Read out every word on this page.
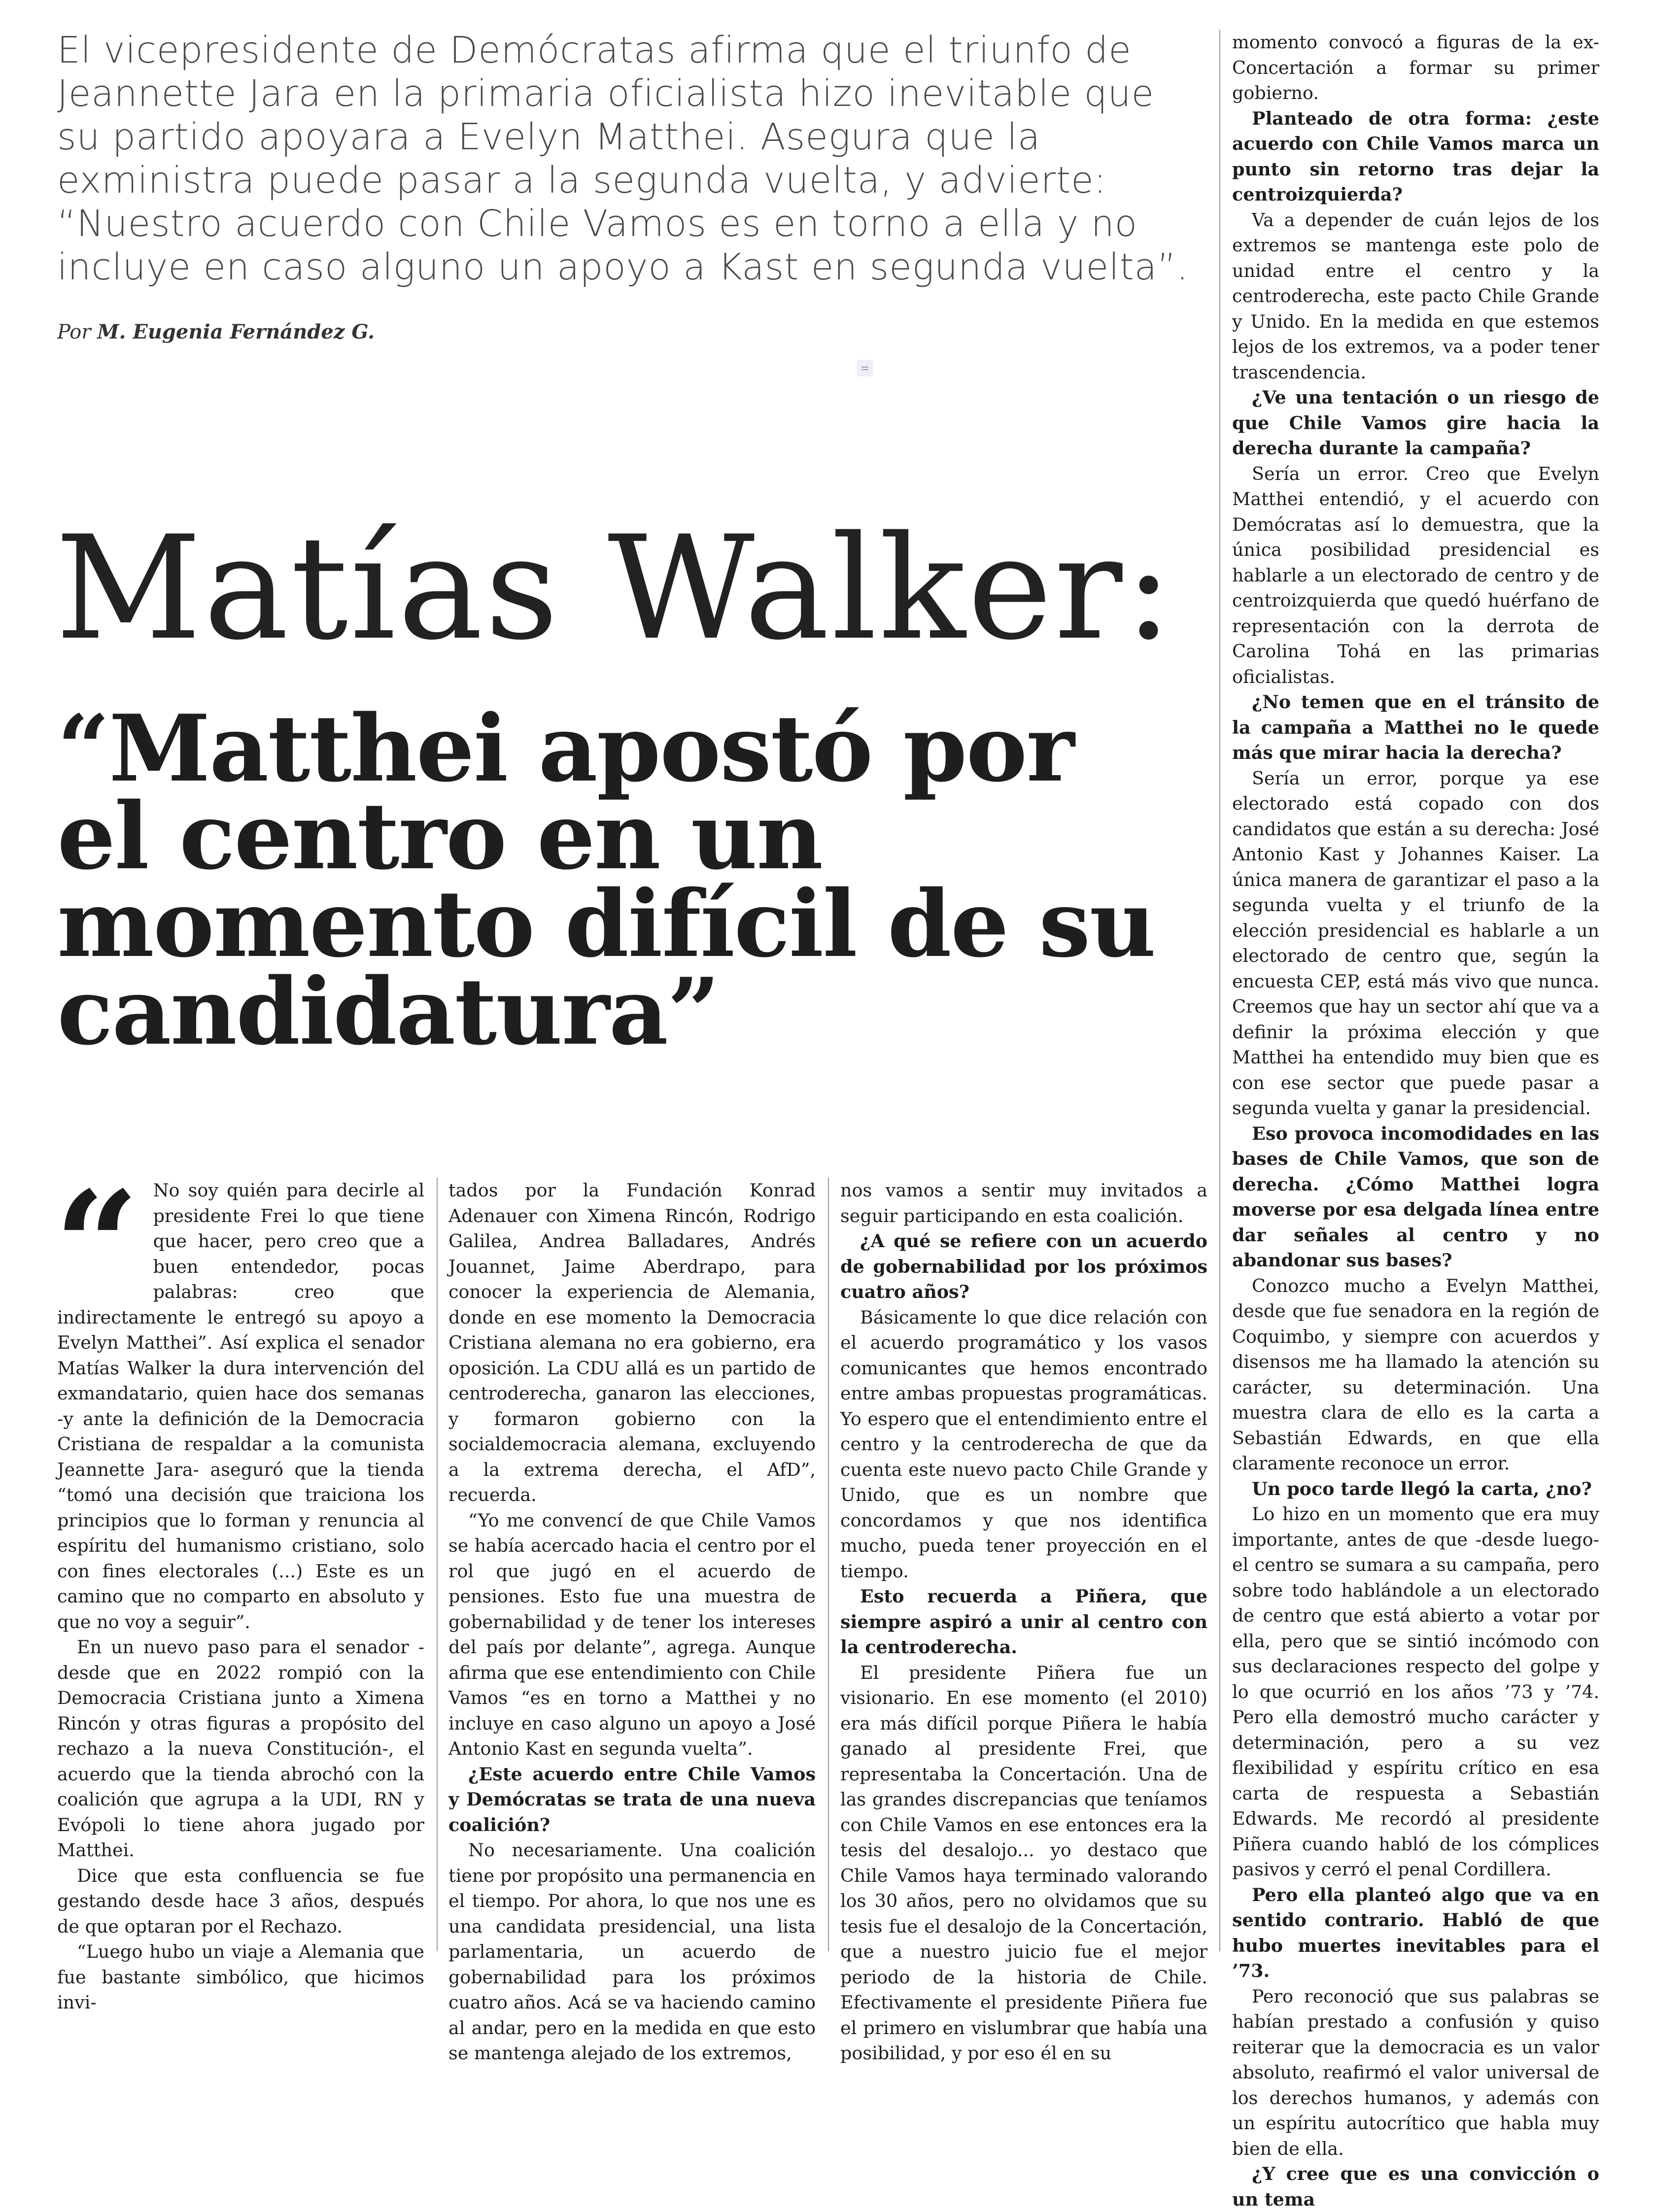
El vicepresidente de Demócratas afirma que el triunfo de Jeannette Jara en la primaria oficialista hizo inevitable que su partido apoyara a Evelyn Matthei. Asegura que la exministra puede pasar a la segunda vuelta, y advierte: “Nuestro acuerdo con Chile Vamos es en torno a ella y no incluye en caso alguno un apoyo a Kast en segunda vuelta”.
Por M. Eugenia Fernández G.
Matías Walker:
“Matthei apostó por el centro en un momento difícil de su candidatura”
“ No soy quién para decirle al presidente Frei lo que tiene que hacer, pero creo que a buen entendedor, pocas palabras: creo que indirectamente le entregó su apoyo a Evelyn Matthei”. Así explica el senador Matías Walker la dura intervención del exmandatario, quien hace dos semanas -y ante la definición de la Democracia Cristiana de respaldar a la comunista Jeannette Jara- aseguró que la tienda “tomó una decisión que traiciona los principios que lo forman y renuncia al espíritu del humanismo cristiano, solo con fines electorales (...) Este es un camino que no comparto en absoluto y que no voy a seguir”.

En un nuevo paso para el senador -desde que en 2022 rompió con la Democracia Cristiana junto a Ximena Rincón y otras figuras a propósito del rechazo a la nueva Constitución-, el acuerdo que la tienda abrochó con la coalición que agrupa a la UDI, RN y Evópoli lo tiene ahora jugado por Matthei.

Dice que esta confluencia se fue gestando desde hace 3 años, después de que optaran por el Rechazo.

“Luego hubo un viaje a Alemania que fue bastante simbólico, que hicimos invi-

tados por la Fundación Konrad Adenauer con Ximena Rincón, Rodrigo Galilea, Andrea Balladares, Andrés Jouannet, Jaime Aberdrapo, para conocer la experiencia de Alemania, donde en ese momento la Democracia Cristiana alemana no era gobierno, era oposición. La CDU allá es un partido de centroderecha, ganaron las elecciones, y formaron gobierno con la socialdemocracia alemana, excluyendo a la extrema derecha, el AfD”, recuerda.

“Yo me convencí de que Chile Vamos se había acercado hacia el centro por el rol que jugó en el acuerdo de pensiones. Esto fue una muestra de gobernabilidad y de tener los intereses del país por delante”, agrega. Aunque afirma que ese entendimiento con Chile Vamos “es en torno a Matthei y no incluye en caso alguno un apoyo a José Antonio Kast en segunda vuelta”.

¿Este acuerdo entre Chile Vamos y Demócratas se trata de una nueva coalición?

No necesariamente. Una coalición tiene por propósito una permanencia en el tiempo. Por ahora, lo que nos une es una candidata presidencial, una lista parlamentaria, un acuerdo de gobernabilidad para los próximos cuatro años. Acá se va haciendo camino al andar, pero en la medida en que esto se mantenga alejado de los extremos,

nos vamos a sentir muy invitados a seguir participando en esta coalición.

¿A qué se refiere con un acuerdo de gobernabilidad por los próximos cuatro años?

Básicamente lo que dice relación con el acuerdo programático y los vasos comunicantes que hemos encontrado entre ambas propuestas programáticas. Yo espero que el entendimiento entre el centro y la centroderecha de que da cuenta este nuevo pacto Chile Grande y Unido, que es un nombre que concordamos y que nos identifica mucho, pueda tener proyección en el tiempo.

Esto recuerda a Piñera, que siempre aspiró a unir al centro con la centroderecha.

El presidente Piñera fue un visionario. En ese momento (el 2010) era más difícil porque Piñera le había ganado al presidente Frei, que representaba la Concertación. Una de las grandes discrepancias que teníamos con Chile Vamos en ese entonces era la tesis del desalojo... yo destaco que Chile Vamos haya terminado valorando los 30 años, pero no olvidamos que su tesis fue el desalojo de la Concertación, que a nuestro juicio fue el mejor periodo de la historia de Chile. Efectivamente el presidente Piñera fue el primero en vislumbrar que había una posibilidad, y por eso él en su

momento convocó a figuras de la ex-Concertación a formar su primer gobierno.

Planteado de otra forma: ¿este acuerdo con Chile Vamos marca un punto sin retorno tras dejar la centroizquierda?

Va a depender de cuán lejos de los extremos se mantenga este polo de unidad entre el centro y la centroderecha, este pacto Chile Grande y Unido. En la medida en que estemos lejos de los extremos, va a poder tener trascendencia.

¿Ve una tentación o un riesgo de que Chile Vamos gire hacia la derecha durante la campaña?

Sería un error. Creo que Evelyn Matthei entendió, y el acuerdo con Demócratas así lo demuestra, que la única posibilidad presidencial es hablarle a un electorado de centro y de centroizquierda que quedó huérfano de representación con la derrota de Carolina Tohá en las primarias oficialistas.

¿No temen que en el tránsito de la campaña a Matthei no le quede más que mirar hacia la derecha?

Sería un error, porque ya ese electorado está copado con dos candidatos que están a su derecha: José Antonio Kast y Johannes Kaiser. La única manera de garantizar el paso a la segunda vuelta y el triunfo de la elección presidencial es hablarle a un electorado de centro que, según la encuesta CEP, está más vivo que nunca. Creemos que hay un sector ahí que va a definir la próxima elección y que Matthei ha entendido muy bien que es con ese sector que puede pasar a segunda vuelta y ganar la presidencial.

Eso provoca incomodidades en las bases de Chile Vamos, que son de derecha. ¿Cómo Matthei logra moverse por esa delgada línea entre dar señales al centro y no abandonar sus bases?

Conozco mucho a Evelyn Matthei, desde que fue senadora en la región de Coquimbo, y siempre con acuerdos y disensos me ha llamado la atención su carácter, su determinación. Una muestra clara de ello es la carta a Sebastián Edwards, en que ella claramente reconoce un error.

Un poco tarde llegó la carta, ¿no?

Lo hizo en un momento que era muy importante, antes de que -desde luego- el centro se sumara a su campaña, pero sobre todo hablándole a un electorado de centro que está abierto a votar por ella, pero que se sintió incómodo con sus declaraciones respecto del golpe y lo que ocurrió en los años ’73 y ’74. Pero ella demostró mucho carácter y determinación, pero a su vez flexibilidad y espíritu crítico en esa carta de respuesta a Sebastián Edwards. Me recordó al presidente Piñera cuando habló de los cómplices pasivos y cerró el penal Cordillera.

Pero ella planteó algo que va en sentido contrario. Habló de que hubo muertes inevitables para el ’73.

Pero reconoció que sus palabras se habían prestado a confusión y quiso reiterar que la democracia es un valor absoluto, reafirmó el valor universal de los derechos humanos, y además con un espíritu autocrítico que habla muy bien de ella.

¿Y cree que es una convicción o un tema
